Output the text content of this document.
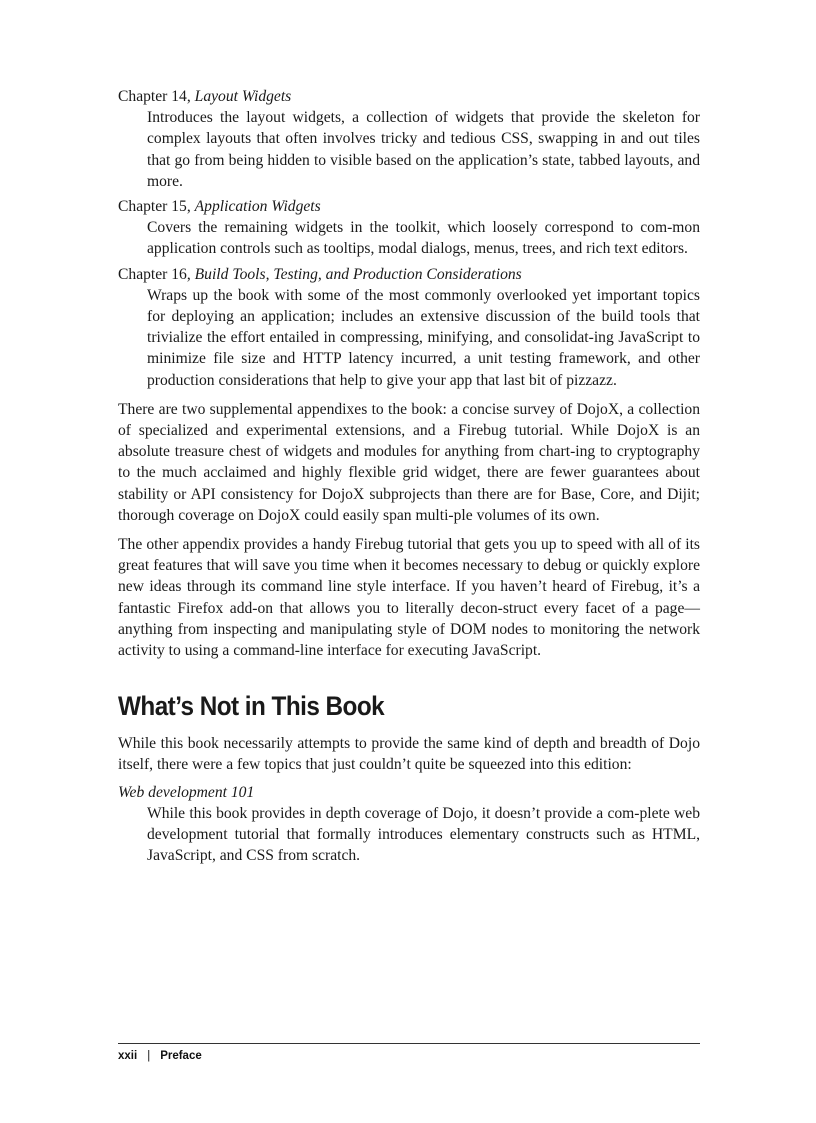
Chapter 14, Layout Widgets

Introduces the layout widgets, a collection of widgets that provide the skeleton for complex layouts that often involves tricky and tedious CSS, swapping in and out tiles that go from being hidden to visible based on the application’s state, tabbed layouts, and more.

Chapter 15, Application Widgets

Covers the remaining widgets in the toolkit, which loosely correspond to com-mon application controls such as tooltips, modal dialogs, menus, trees, and rich text editors.

Chapter 16, Build Tools, Testing, and Production Considerations

Wraps up the book with some of the most commonly overlooked yet important topics for deploying an application; includes an extensive discussion of the build tools that trivialize the effort entailed in compressing, minifying, and consolidat-ing JavaScript to minimize file size and HTTP latency incurred, a unit testing framework, and other production considerations that help to give your app that last bit of pizzazz.

There are two supplemental appendixes to the book: a concise survey of DojoX, a collection of specialized and experimental extensions, and a Firebug tutorial. While DojoX is an absolute treasure chest of widgets and modules for anything from chart-ing to cryptography to the much acclaimed and highly flexible grid widget, there are fewer guarantees about stability or API consistency for DojoX subprojects than there are for Base, Core, and Dijit; thorough coverage on DojoX could easily span multi-ple volumes of its own.

The other appendix provides a handy Firebug tutorial that gets you up to speed with all of its great features that will save you time when it becomes necessary to debug or quickly explore new ideas through its command line style interface. If you haven’t heard of Firebug, it’s a fantastic Firefox add-on that allows you to literally decon-struct every facet of a page—anything from inspecting and manipulating style of DOM nodes to monitoring the network activity to using a command-line interface for executing JavaScript.

What’s Not in This Book

While this book necessarily attempts to provide the same kind of depth and breadth of Dojo itself, there were a few topics that just couldn’t quite be squeezed into this edition:

Web development 101

While this book provides in depth coverage of Dojo, it doesn’t provide a com-plete web development tutorial that formally introduces elementary constructs such as HTML, JavaScript, and CSS from scratch.

xxii | Preface
